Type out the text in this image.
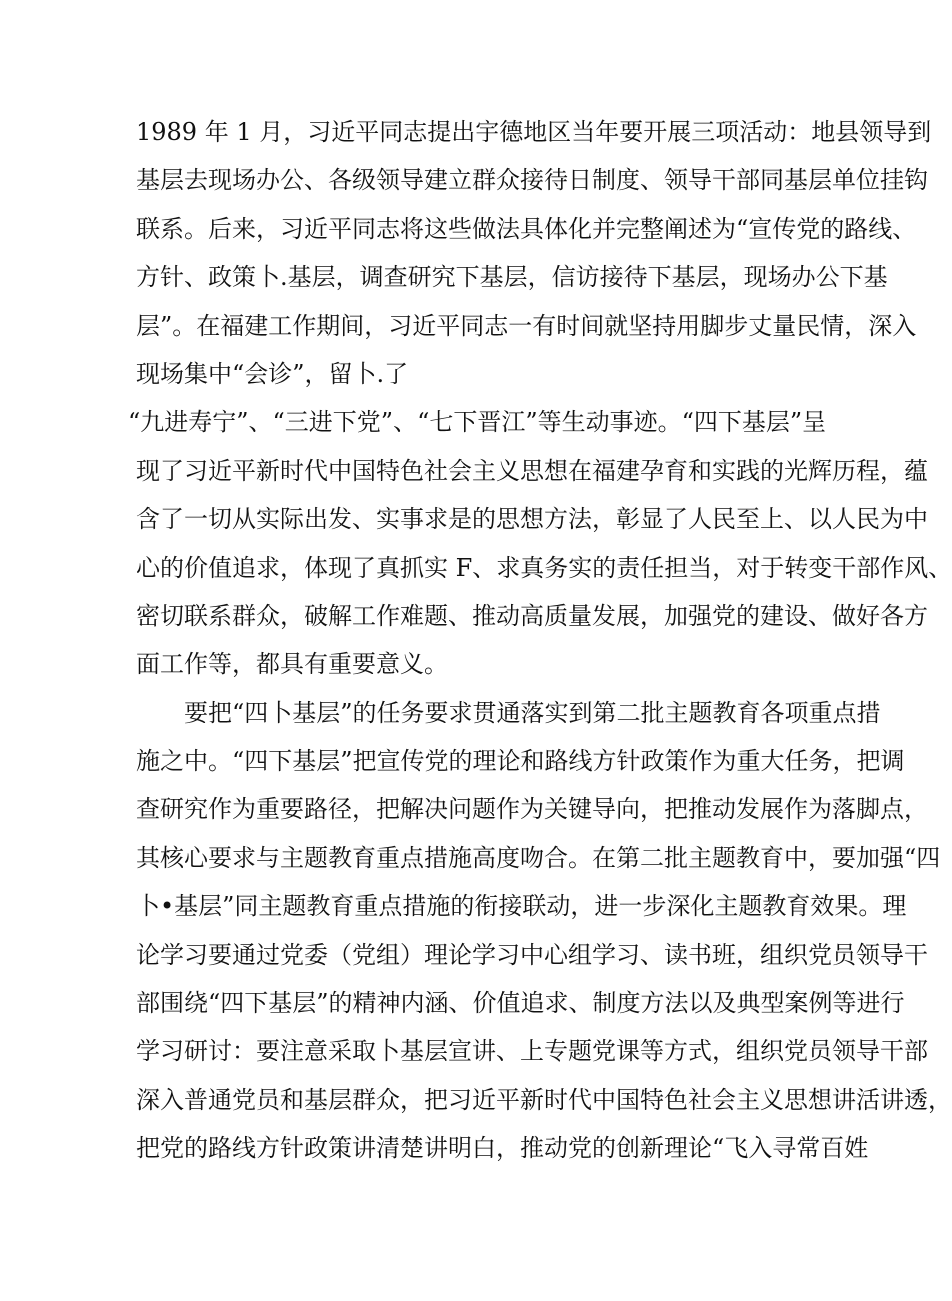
1989 年 1 月，习近平同志提出宇德地区当年要开展三项活动：地县领导到
基层去现场办公、各级领导建立群众接待日制度、领导干部同基层单位挂钩
联系。后来，习近平同志将这些做法具体化并完整阐述为“宣传党的路线、
方针、政策卜.基层，调查研究下基层，信访接待下基层，现场办公下基
层”。在福建工作期间，习近平同志一有时间就坚持用脚步丈量民情，深入
现场集中“会诊”，留卜.了
“九进寿宁”、“三进下党”、“七下晋江”等生动事迹。“四下基层”呈
现了习近平新时代中国特色社会主义思想在福建孕育和实践的光辉历程，蕴
含了一切从实际出发、实事求是的思想方法，彰显了人民至上、以人民为中
心的价值追求，体现了真抓实 F、求真务实的责任担当，对于转变干部作风、
密切联系群众，破解工作难题、推动高质量发展，加强党的建设、做好各方
面工作等，都具有重要意义。
要把“四卜基层”的任务要求贯通落实到第二批主题教育各项重点措
施之中。“四下基层”把宣传党的理论和路线方针政策作为重大任务，把调
查研究作为重要路径，把解决问题作为关键导向，把推动发展作为落脚点，
其核心要求与主题教育重点措施高度吻合。在第二批主题教育中，要加强“四
卜•基层”同主题教育重点措施的衔接联动，进一步深化主题教育效果。理
论学习要通过党委（党组）理论学习中心组学习、读书班，组织党员领导干
部围绕“四下基层”的精神内涵、价值追求、制度方法以及典型案例等进行
学习研讨：要注意采取卜基层宣讲、上专题党课等方式，组织党员领导干部
深入普通党员和基层群众，把习近平新时代中国特色社会主义思想讲活讲透，
把党的路线方针政策讲清楚讲明白，推动党的创新理论“飞入寻常百姓
